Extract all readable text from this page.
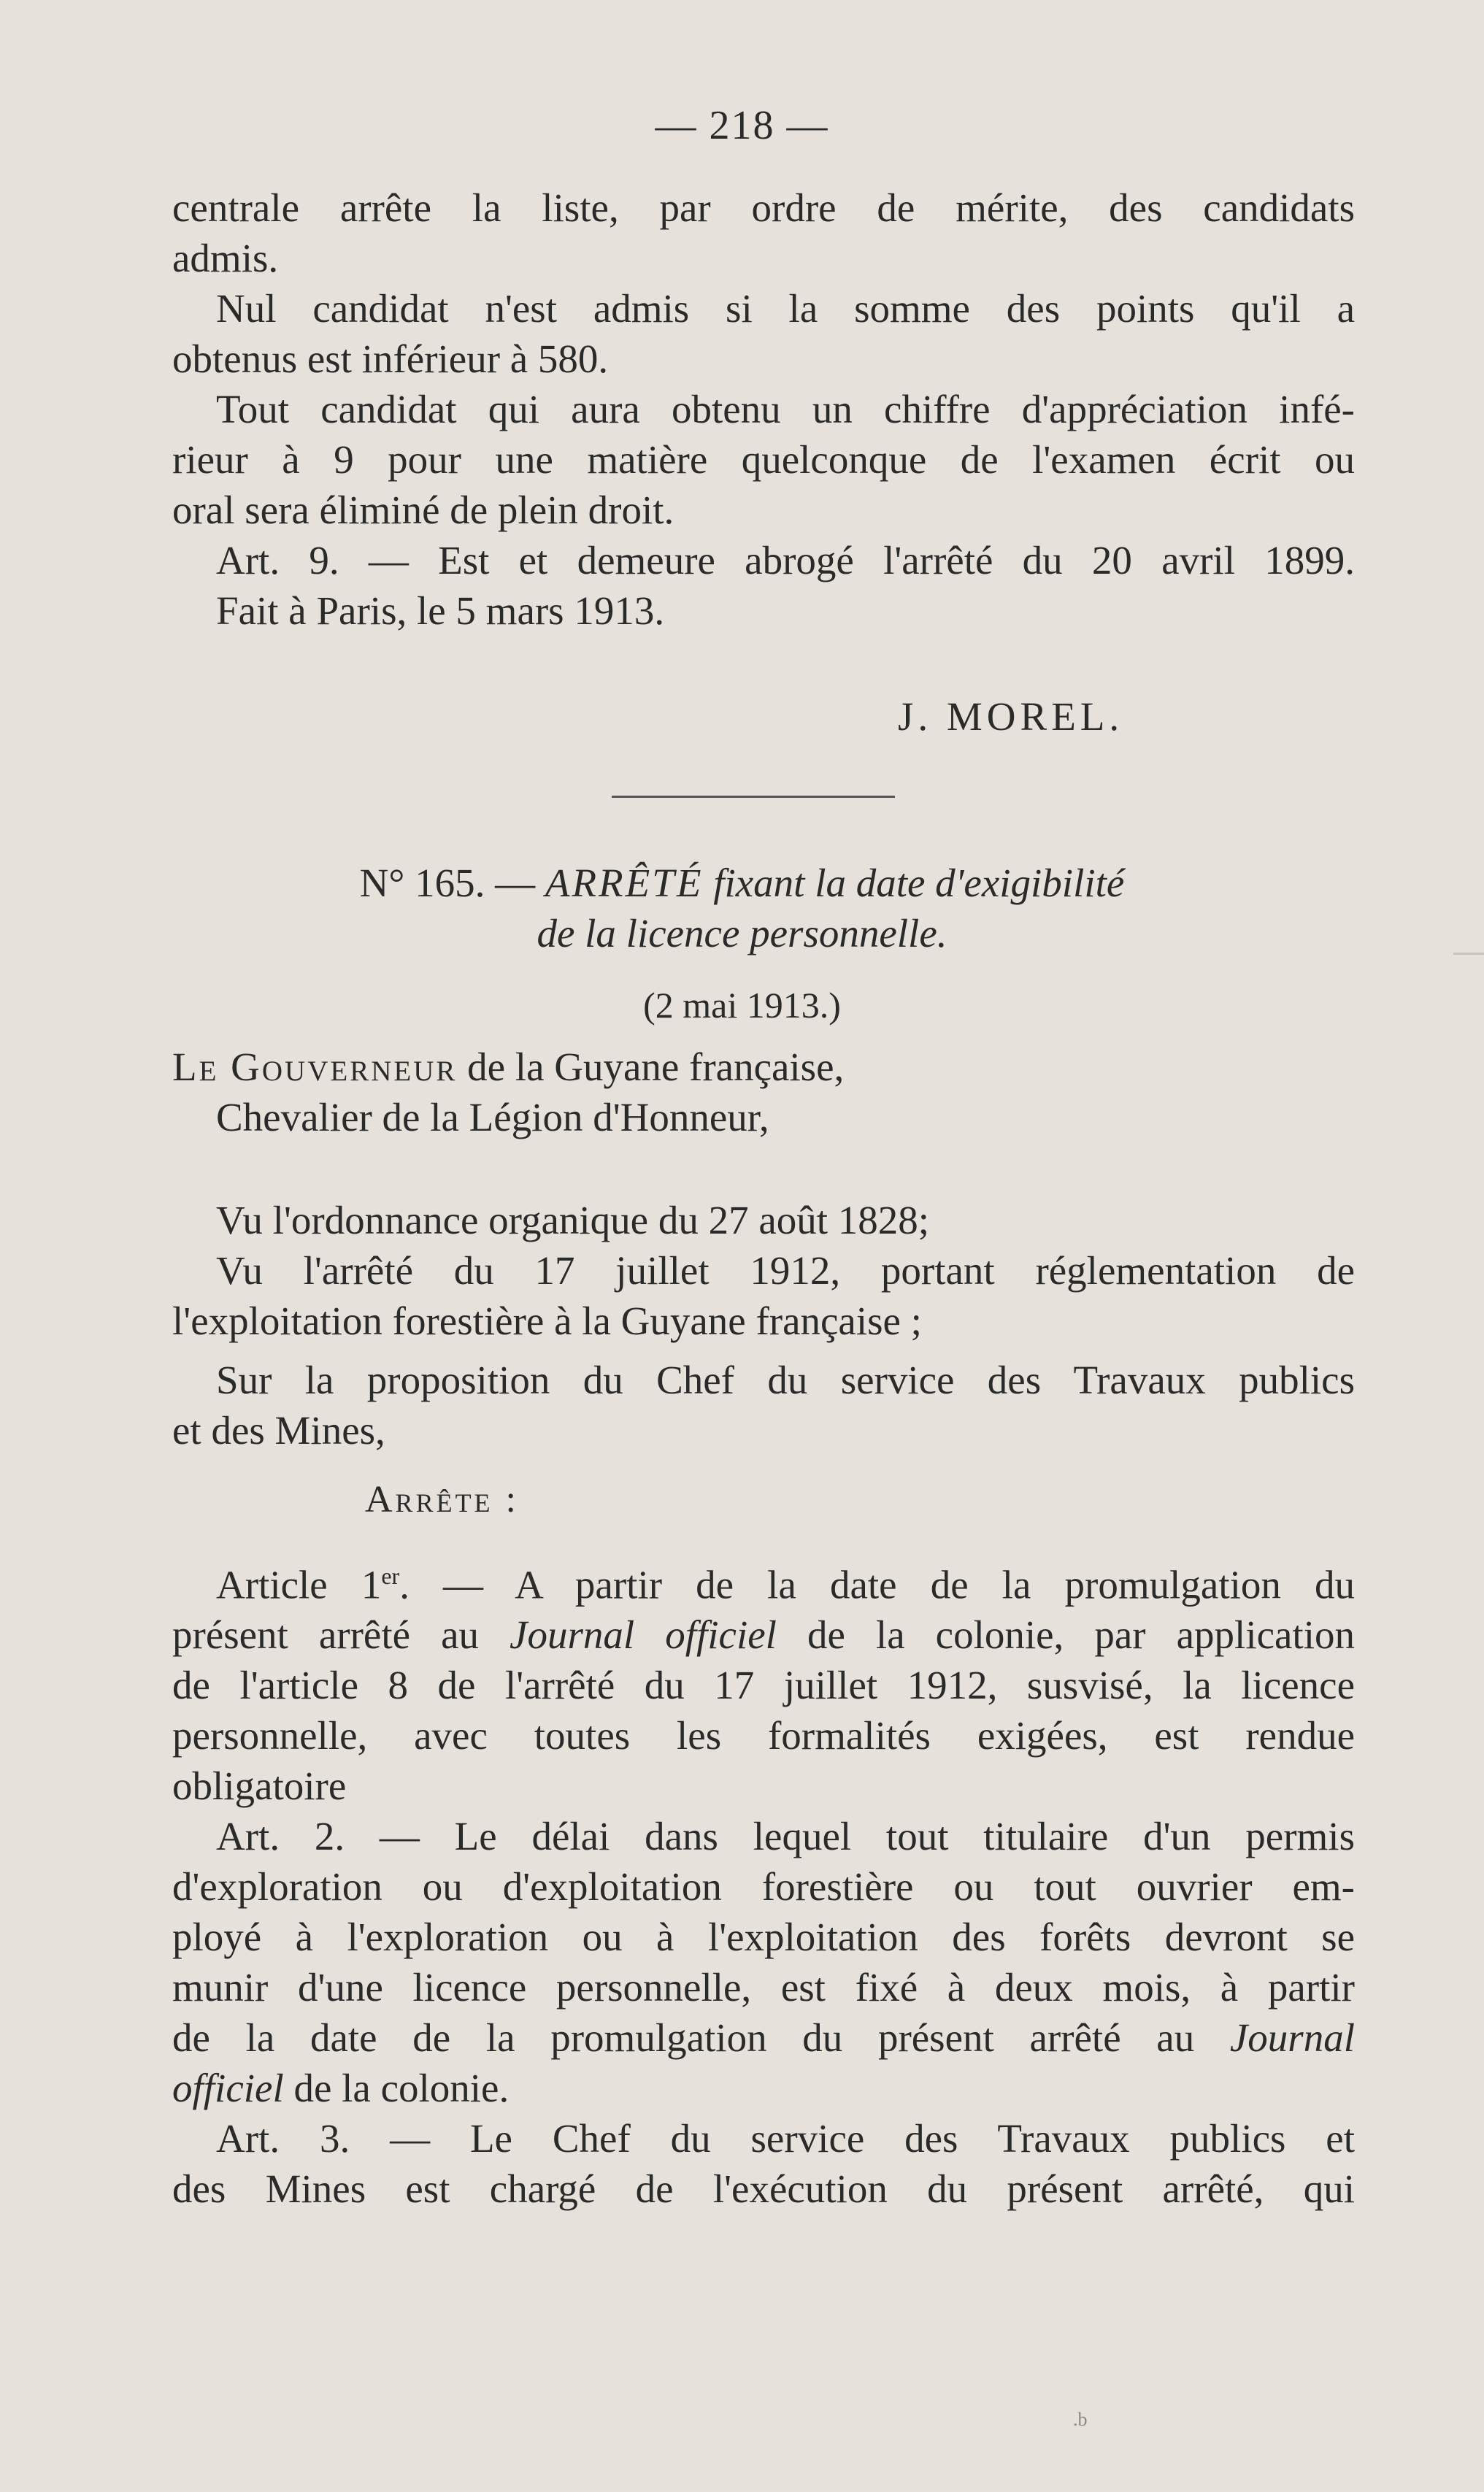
— 218 —
centrale arrête la liste, par ordre de mérite, des candidats
admis.
Nul candidat n'est admis si la somme des points qu'il a
obtenus est inférieur à 580.
Tout candidat qui aura obtenu un chiffre d'appréciation infé-
rieur à 9 pour une matière quelconque de l'examen écrit ou
oral sera éliminé de plein droit.
Art. 9. — Est et demeure abrogé l'arrêté du 20 avril 1899.
Fait à Paris, le 5 mars 1913.
J. MOREL.
N° 165. — ARRÊTÉ fixant la date d'exigibilité
de la licence personnelle.
(2 mai 1913.)
Le Gouverneur de la Guyane française,
Chevalier de la Légion d'Honneur,
Vu l'ordonnance organique du 27 août 1828;
Vu l'arrêté du 17 juillet 1912, portant réglementation de
l'exploitation forestière à la Guyane française ;
Sur la proposition du Chef du service des Travaux publics
et des Mines,
Arrête :
Article 1er. — A partir de la date de la promulgation du
présent arrêté au Journal officiel de la colonie, par application
de l'article 8 de l'arrêté du 17 juillet 1912, susvisé, la licence
personnelle, avec toutes les formalités exigées, est rendue
obligatoire
Art. 2. — Le délai dans lequel tout titulaire d'un permis
d'exploration ou d'exploitation forestière ou tout ouvrier em-
ployé à l'exploration ou à l'exploitation des forêts devront se
munir d'une licence personnelle, est fixé à deux mois, à partir
de la date de la promulgation du présent arrêté au Journal
officiel de la colonie.
Art. 3. — Le Chef du service des Travaux publics et
des Mines est chargé de l'exécution du présent arrêté, qui
.b
